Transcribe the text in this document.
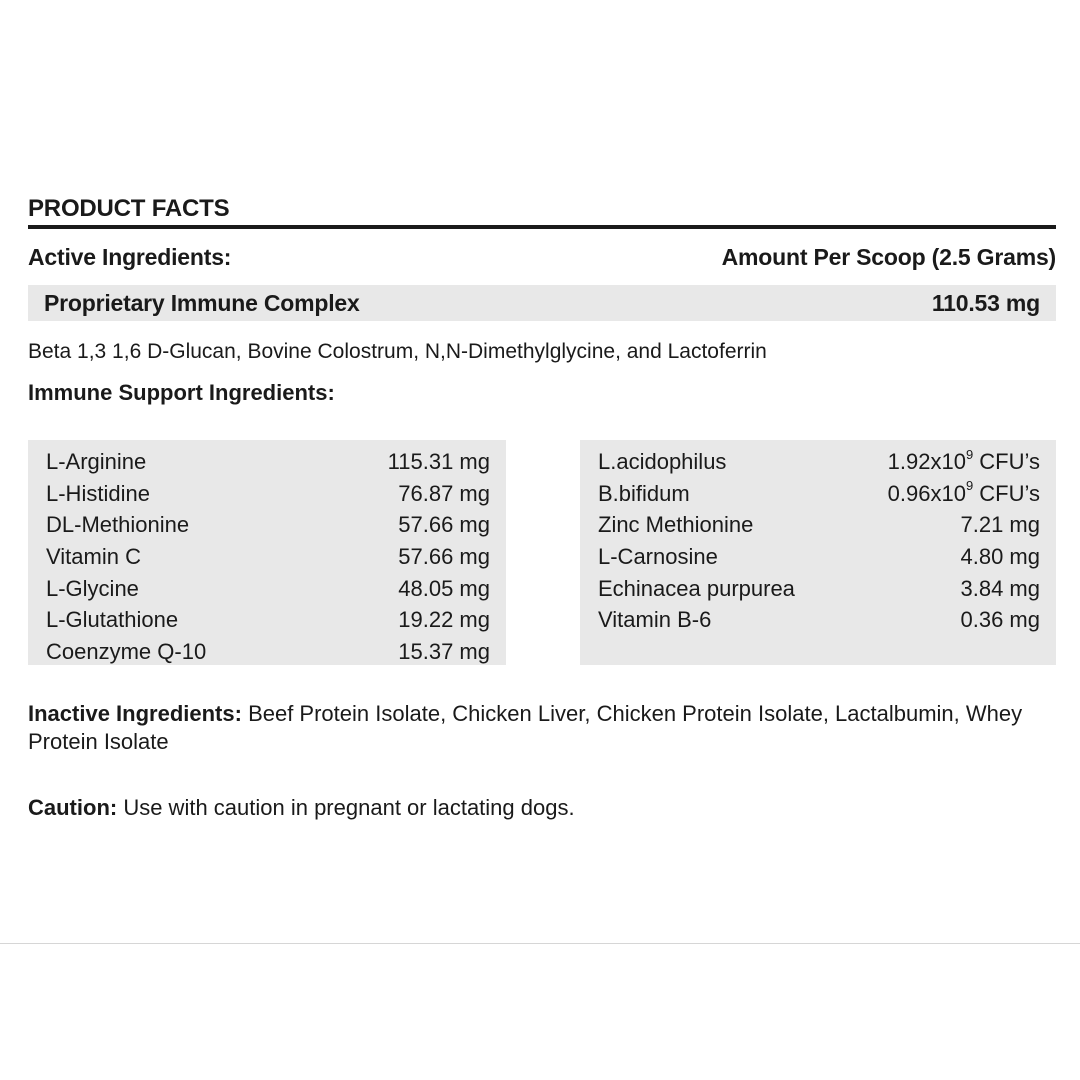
PRODUCT FACTS
Active Ingredients:	Amount Per Scoop (2.5 Grams)
Proprietary Immune Complex	110.53 mg
Beta 1,3 1,6 D-Glucan, Bovine Colostrum, N,N-Dimethylglycine, and Lactoferrin
Immune Support Ingredients:
L-Arginine	115.31 mg
L-Histidine	76.87 mg
DL-Methionine	57.66 mg
Vitamin C	57.66 mg
L-Glycine	48.05 mg
L-Glutathione	19.22 mg
Coenzyme Q-10	15.37 mg
L.acidophilus	$1.92x10^9$ CFU’s
B.bifidum	$0.96x10^9$ CFU’s
Zinc Methionine	7.21 mg
L-Carnosine	4.80 mg
Echinacea purpurea	3.84 mg
Vitamin B-6	0.36 mg
Inactive Ingredients: Beef Protein Isolate, Chicken Liver, Chicken Protein Isolate, Lactalbumin, Whey Protein Isolate
Caution: Use with caution in pregnant or lactating dogs.
